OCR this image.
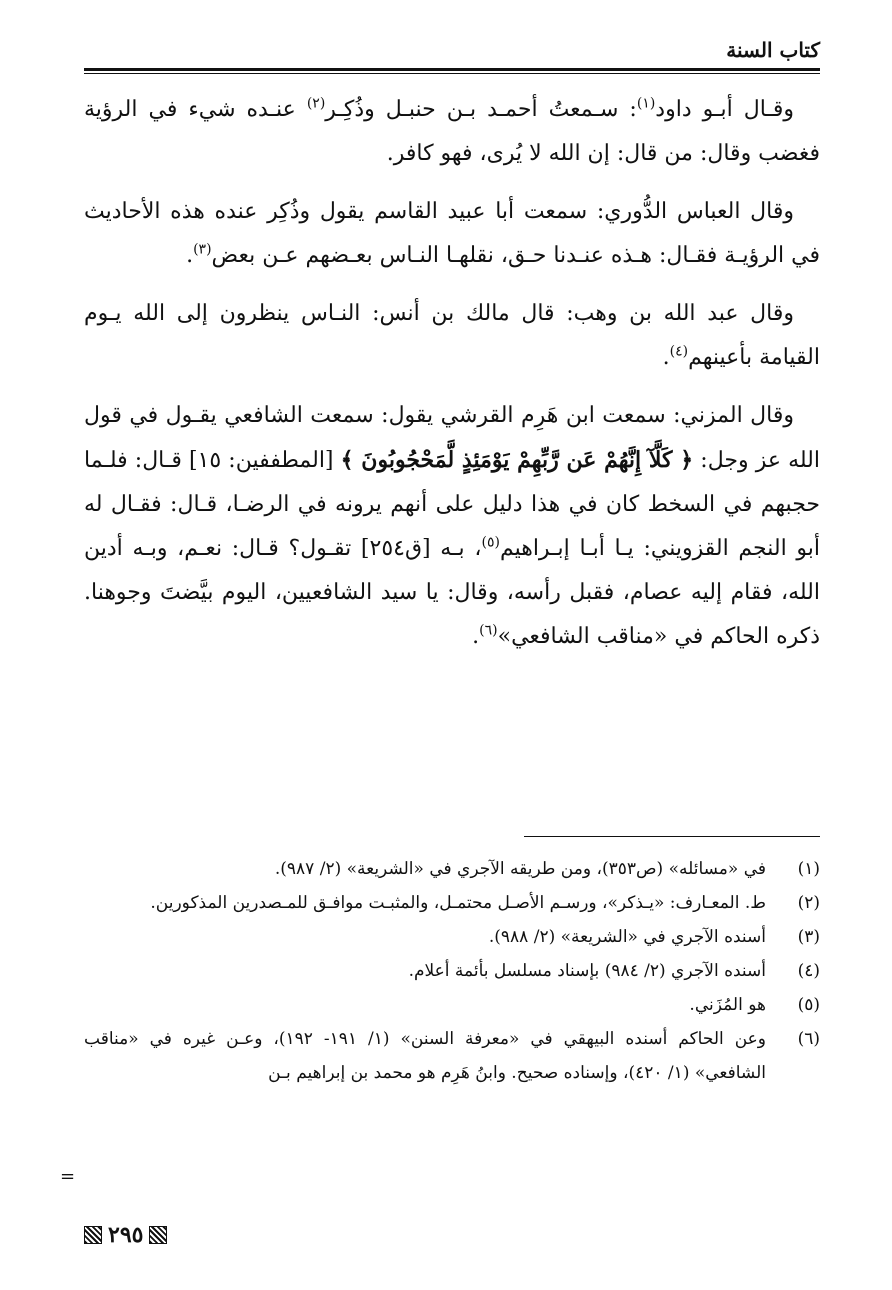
كتاب السنة

وقـال أبـو داود$^{(١)}$: سـمعتُ أحمـد بـن حنبـل وذُكِـر$^{(٢)}$ عنـده شيء في الرؤية فغضب وقال: من قال: إن الله لا يُرى، فهو كافر.

وقال العباس الدُّوري: سمعت أبا عبيد القاسم يقول وذُكِر عنده هذه الأحاديث في الرؤيـة فقـال: هـذه عنـدنا حـق، نقلهـا النـاس بعـضهم عـن بعض$^{(٣)}$.

وقال عبد الله بن وهب: قال مالك بن أنس: النـاس ينظرون إلى الله يـوم القيامة بأعينهم$^{(٤)}$.

وقال المزني: سمعت ابن هَرِم القرشي يقول: سمعت الشافعي يقـول في قول الله عز وجل: ﴿ كَلَّآ إِنَّهُمْ عَن رَّبِّهِمْ يَوْمَئِذٍ لَّمَحْجُوبُونَ ﴾ [المطففين: ١٥] قـال: فلـما حجبهم في السخط كان في هذا دليل على أنهم يرونه في الرضـا، قـال: فقـال له أبو النجم القزويني: يـا أبـا إبـراهيم$^{(٥)}$، بـه [ق٢٥٤] تقـول؟ قـال: نعـم، وبـه أدين الله، فقام إليه عصام، فقبل رأسه، وقال: يا سيد الشافعيين، اليوم بيَّضتَ وجوهنا. ذكره الحاكم في «مناقب الشافعي»$^{(٦)}$.

(١)
في «مسائله» (ص٣٥٣)، ومن طريقه الآجري في «الشريعة» (٢/ ٩٨٧).
(٢)
ط. المعـارف: «يـذكر»، ورسـم الأصـل محتمـل، والمثبـت موافـق للمـصدرين المذكورين.
(٣)
أسنده الآجري في «الشريعة» (٢/ ٩٨٨).
(٤)
أسنده الآجري (٢/ ٩٨٤) بإسناد مسلسل بأئمة أعلام.
(٥)
هو المُزَني.
(٦)
وعن الحاكم أسنده البيهقي في «معرفة السنن» (١/ ١٩١- ١٩٢)، وعـن غيره في «مناقب الشافعي» (١/ ٤٢٠)، وإسناده صحيح. وابنُ هَرِم هو محمد بن إبراهيم بـن
=
٢٩٥
